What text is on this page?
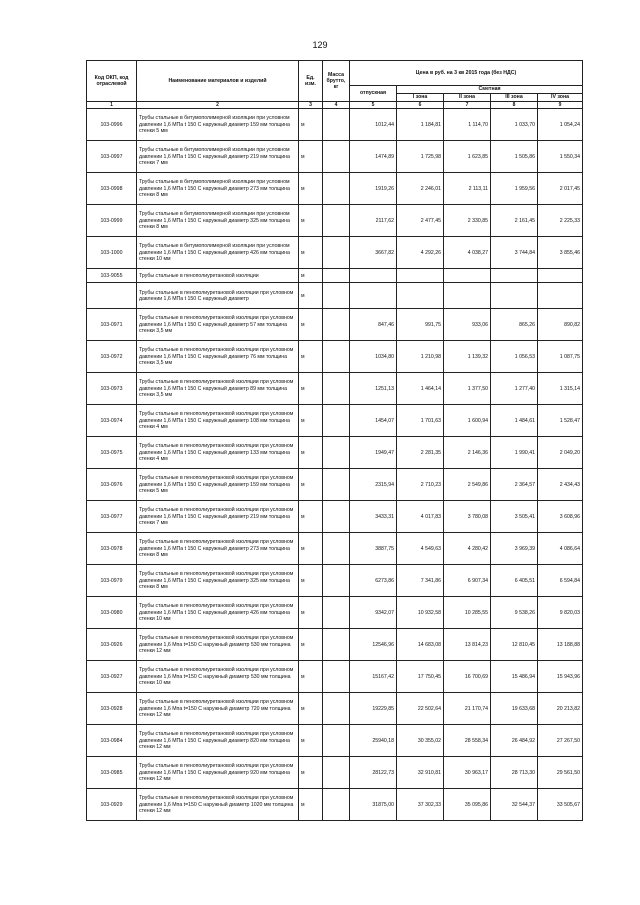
129
Код ОКП, код отраслевой	Наименование материалов и изделий	Ед. изм.	Масса брутто, кг	Цена в руб. на 3 кв 2015 года (без НДС)				
				отпускная	Сметная			
					I зона	II зона	III зона	IV зона
1	2	3	4	5	6	7	8	9
103-0996	Трубы стальные в битумополимерной изоляции при условном давлении 1,6 МПа t 150 С наружный диаметр 159 мм толщина стенки 5 мм	м		1012,44	1 184,81	1 114,70	1 033,70	1 054,24
103-0997	Трубы стальные в битумополимерной изоляции при условном давлении 1,6 МПа t 150 С наружный диаметр 219 мм толщина стенки 7 мм	м		1474,89	1 725,98	1 623,85	1 505,86	1 550,34
103-0998	Трубы стальные в битумополимерной изоляции при условном давлении 1,6 МПа t 150 С наружный диаметр 273 мм толщина стенки 8 мм	м		1919,26	2 246,01	2 113,11	1 959,56	2 017,45
103-0999	Трубы стальные в битумополимерной изоляции при условном давлении 1,6 МПа t 150 С наружный диаметр 325 мм толщина стенки 8 мм	м		2117,62	2 477,45	2 330,85	2 161,45	2 225,33
103-1000	Трубы стальные в битумополимерной изоляции при условном давлении 1,6 МПа t 150 С наружный диаметр 426 мм толщина стенки 10 мм	м		3667,82	4 292,26	4 038,27	3 744,84	3 855,46
103-9055	Трубы стальные в пенополиуретановой изоляции	м						
	Трубы стальные в пенополиуретановой изоляции при условном давлении 1,6 МПа t 150 С наружный диаметр	м						
103-0971	Трубы стальные в пенополиуретановой изоляции при условном давлении 1,6 МПа t 150 С наружный диаметр 57 мм толщина стенки 3,5 мм	м		847,46	991,75	933,06	865,26	890,82
103-0972	Трубы стальные в пенополиуретановой изоляции при условном давлении 1,6 МПа t 150 С наружный диаметр 76 мм толщина стенки 3,5 мм	м		1034,80	1 210,98	1 139,32	1 056,53	1 087,75
103-0973	Трубы стальные в пенополиуретановой изоляции при условном давлении 1,6 МПа t 150 С наружный диаметр 89 мм толщина стенки 3,5 мм	м		1251,13	1 464,14	1 377,50	1 277,40	1 315,14
103-0974	Трубы стальные в пенополиуретановой изоляции при условном давлении 1,6 МПа t 150 С наружный диаметр 108 мм толщина стенки 4 мм	м		1454,07	1 701,63	1 600,94	1 484,61	1 528,47
103-0975	Трубы стальные в пенополиуретановой изоляции при условном давлении 1,6 МПа t 150 С наружный диаметр 133 мм толщина стенки 4 мм	м		1949,47	2 281,35	2 146,36	1 990,41	2 049,20
103-0976	Трубы стальные в пенополиуретановой изоляции при условном давлении 1,6 МПа t 150 С наружный диаметр 159 мм толщина стенки 5 мм	м		2315,94	2 710,23	2 549,86	2 364,57	2 434,43
103-0977	Трубы стальные в пенополиуретановой изоляции при условном давлении 1,6 МПа t 150 С наружный диаметр 219 мм толщина стенки 7 мм	м		3433,31	4 017,83	3 780,08	3 505,41	3 608,96
103-0978	Трубы стальные в пенополиуретановой изоляции при условном давлении 1,6 МПа t 150 С наружный диаметр 273 мм толщина стенки 8 мм	м		3887,75	4 549,63	4 280,42	3 969,39	4 086,64
103-0979	Трубы стальные в пенополиуретановой изоляции при условном давлении 1,6 МПа t 150 С наружный диаметр 325 мм толщина стенки 8 мм	м		6273,86	7 341,86	6 907,34	6 405,51	6 594,84
103-0980	Трубы стальные в пенополиуретановой изоляции при условном давлении 1,6 МПа t 150 С наружный диаметр 426 мм толщина стенки 10 мм	м		9342,07	10 932,58	10 285,55	9 538,26	9 820,03
103-0926	Трубы стальные в пенополиуретановой изоляции при условном давлении 1,6 Мпа t=150 С наружный диаметр 530 мм толщина стенки 12 мм	м		12546,96	14 683,08	13 814,23	12 810,45	13 188,88
103-0927	Трубы стальные в пенополиуретановой изоляции при условном давлении 1,6 Мпа t=150 С наружный диаметр 530 мм толщина стенки 10 мм	м		15167,42	17 750,45	16 700,69	15 486,94	15 943,96
103-0928	Трубы стальные в пенополиуретановой изоляции при условном давлении 1,6 Мпа t=150 С наружный диаметр 720 мм толщина стенки 12 мм	м		19229,85	22 502,64	21 170,74	19 633,68	20 213,82
103-0984	Трубы стальные в пенополиуретановой изоляции при условном давлении 1,6 МПа t 150 С наружный диаметр 820 мм толщина стенки 12 мм	м		25940,18	30 355,02	28 558,34	26 484,92	27 267,50
103-0985	Трубы стальные в пенополиуретановой изоляции при условном давлении 1,6 МПа t 150 С наружный диаметр 920 мм толщина стенки 12 мм	м		28122,73	32 910,81	30 963,17	28 713,30	29 561,50
103-0929	Трубы стальные в пенополиуретановой изоляции при условном давлении 1,6 Мпа t=150 С наружный диаметр 1020 мм толщина стенки 12 мм	м		31875,00	37 302,33	35 095,86	32 544,37	33 505,67
